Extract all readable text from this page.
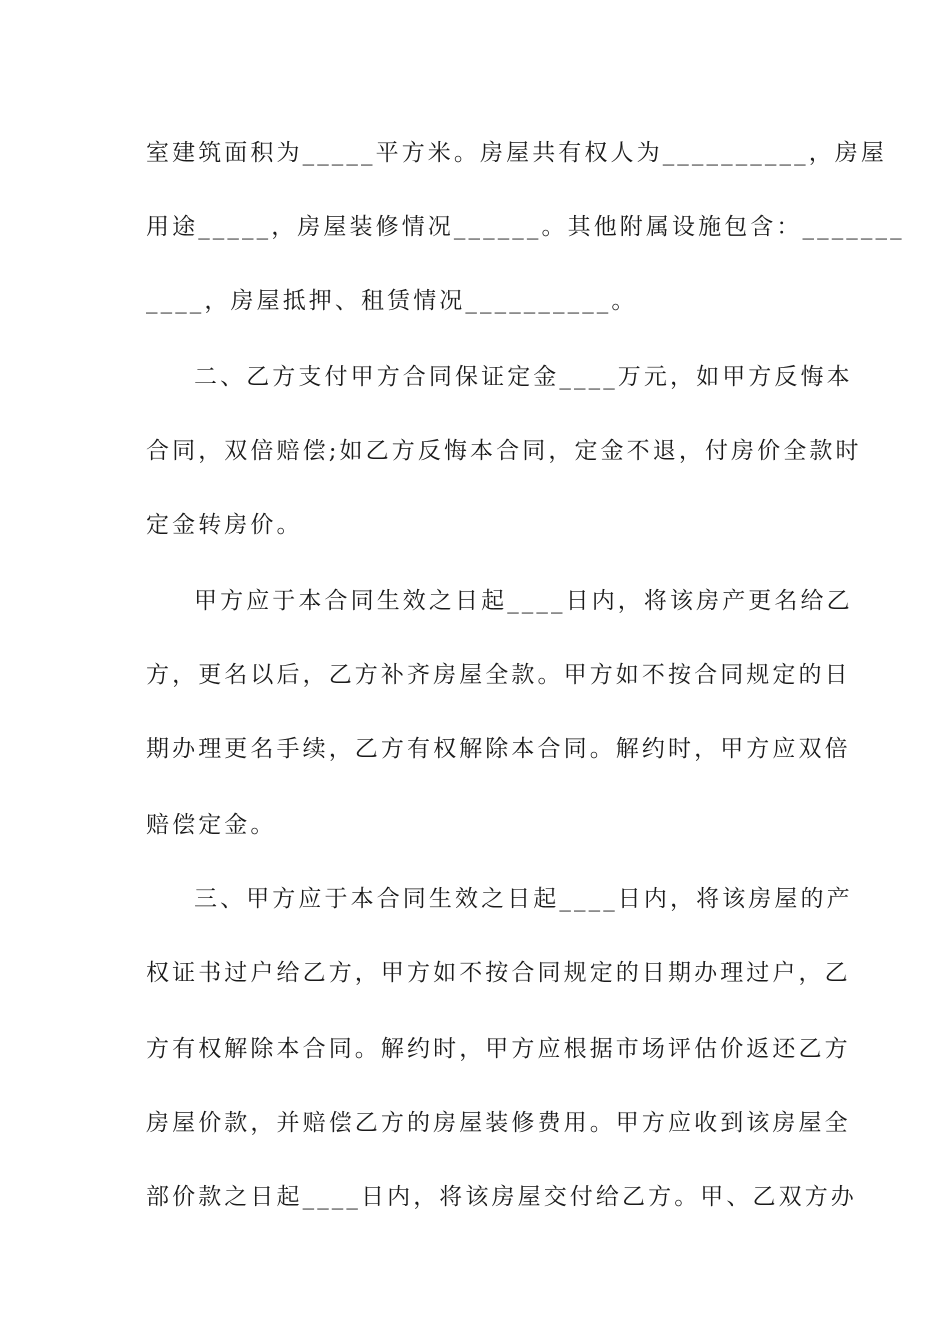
室建筑面积为_____平方米。房屋共有权人为__________，房屋
用途_____，房屋装修情况______。其他附属设施包含：_______
____，房屋抵押、租赁情况__________。
二、乙方支付甲方合同保证定金____万元，如甲方反悔本
合同，双倍赔偿;如乙方反悔本合同，定金不退，付房价全款时
定金转房价。
甲方应于本合同生效之日起____日内，将该房产更名给乙
方，更名以后，乙方补齐房屋全款。甲方如不按合同规定的日
期办理更名手续，乙方有权解除本合同。解约时，甲方应双倍
赔偿定金。
三、甲方应于本合同生效之日起____日内，将该房屋的产
权证书过户给乙方，甲方如不按合同规定的日期办理过户，乙
方有权解除本合同。解约时，甲方应根据市场评估价返还乙方
房屋价款，并赔偿乙方的房屋装修费用。甲方应收到该房屋全
部价款之日起____日内，将该房屋交付给乙方。甲、乙双方办
